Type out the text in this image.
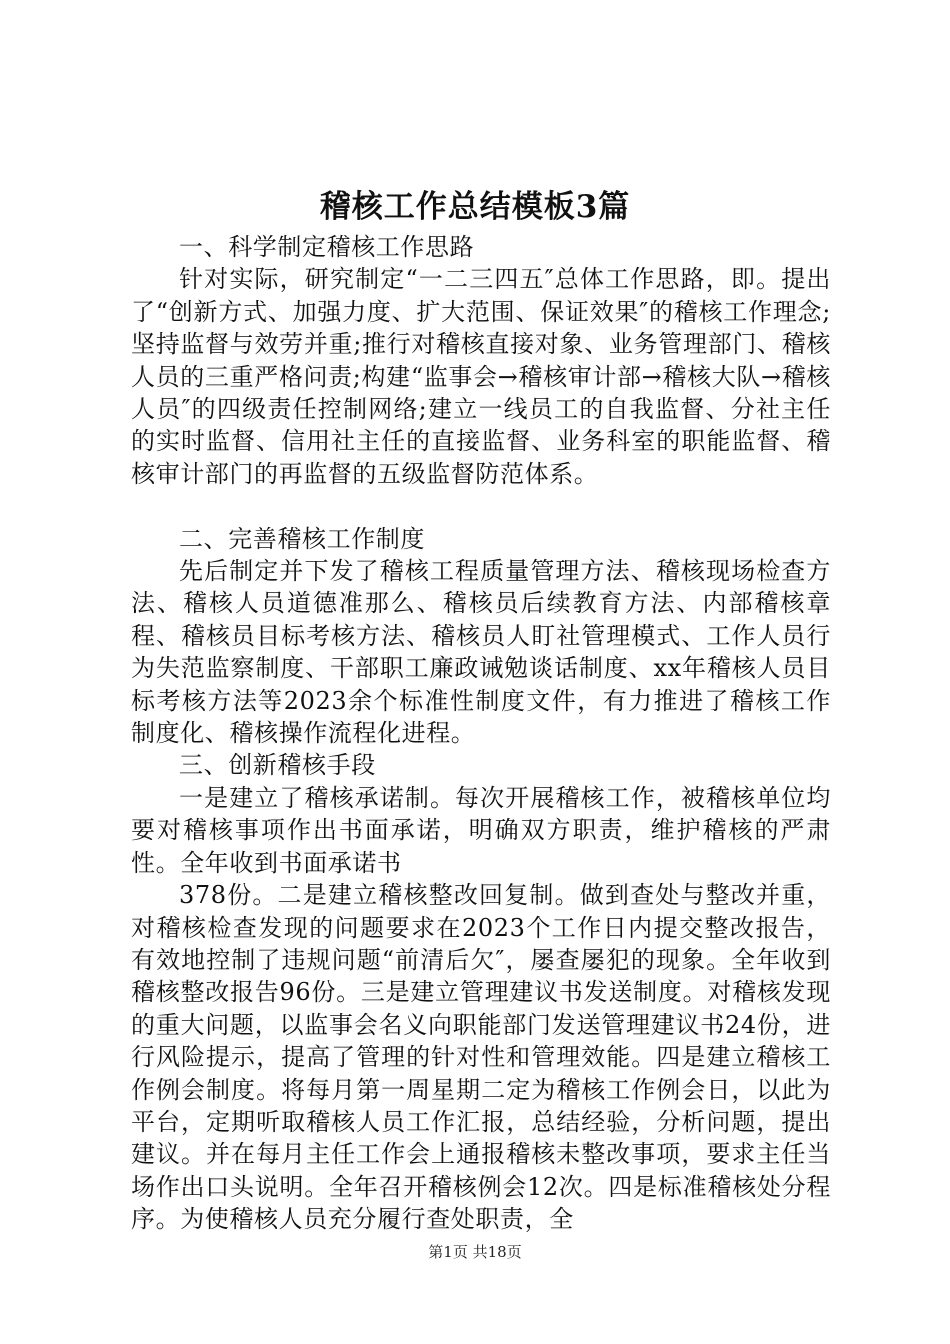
稽核工作总结模板3篇

一、科学制定稽核工作思路

针对实际，研究制定“一二三四五″总体工作思路，即。提出了“创新方式、加强力度、扩大范围、保证效果″的稽核工作理念;坚持监督与效劳并重;推行对稽核直接对象、业务管理部门、稽核人员的三重严格问责;构建“监事会→稽核审计部→稽核大队→稽核人员″的四级责任控制网络;建立一线员工的自我监督、分社主任的实时监督、信用社主任的直接监督、业务科室的职能监督、稽核审计部门的再监督的五级监督防范体系。

二、完善稽核工作制度

先后制定并下发了稽核工程质量管理方法、稽核现场检查方法、稽核人员道德准那么、稽核员后续教育方法、内部稽核章程、稽核员目标考核方法、稽核员人盯社管理模式、工作人员行为失范监察制度、干部职工廉政诫勉谈话制度、xx年稽核人员目标考核方法等2023余个标准性制度文件，有力推进了稽核工作制度化、稽核操作流程化进程。

三、创新稽核手段

一是建立了稽核承诺制。每次开展稽核工作，被稽核单位均要对稽核事项作出书面承诺，明确双方职责，维护稽核的严肃性。全年收到书面承诺书

378份。二是建立稽核整改回复制。做到查处与整改并重，对稽核检查发现的问题要求在2023个工作日内提交整改报告，有效地控制了违规问题“前清后欠″，屡查屡犯的现象。全年收到稽核整改报告96份。三是建立管理建议书发送制度。对稽核发现的重大问题，以监事会名义向职能部门发送管理建议书24份，进行风险提示，提高了管理的针对性和管理效能。四是建立稽核工作例会制度。将每月第一周星期二定为稽核工作例会日，以此为平台，定期听取稽核人员工作汇报，总结经验，分析问题，提出建议。并在每月主任工作会上通报稽核未整改事项，要求主任当场作出口头说明。全年召开稽核例会12次。四是标准稽核处分程序。为使稽核人员充分履行查处职责，全

第1页 共18页
